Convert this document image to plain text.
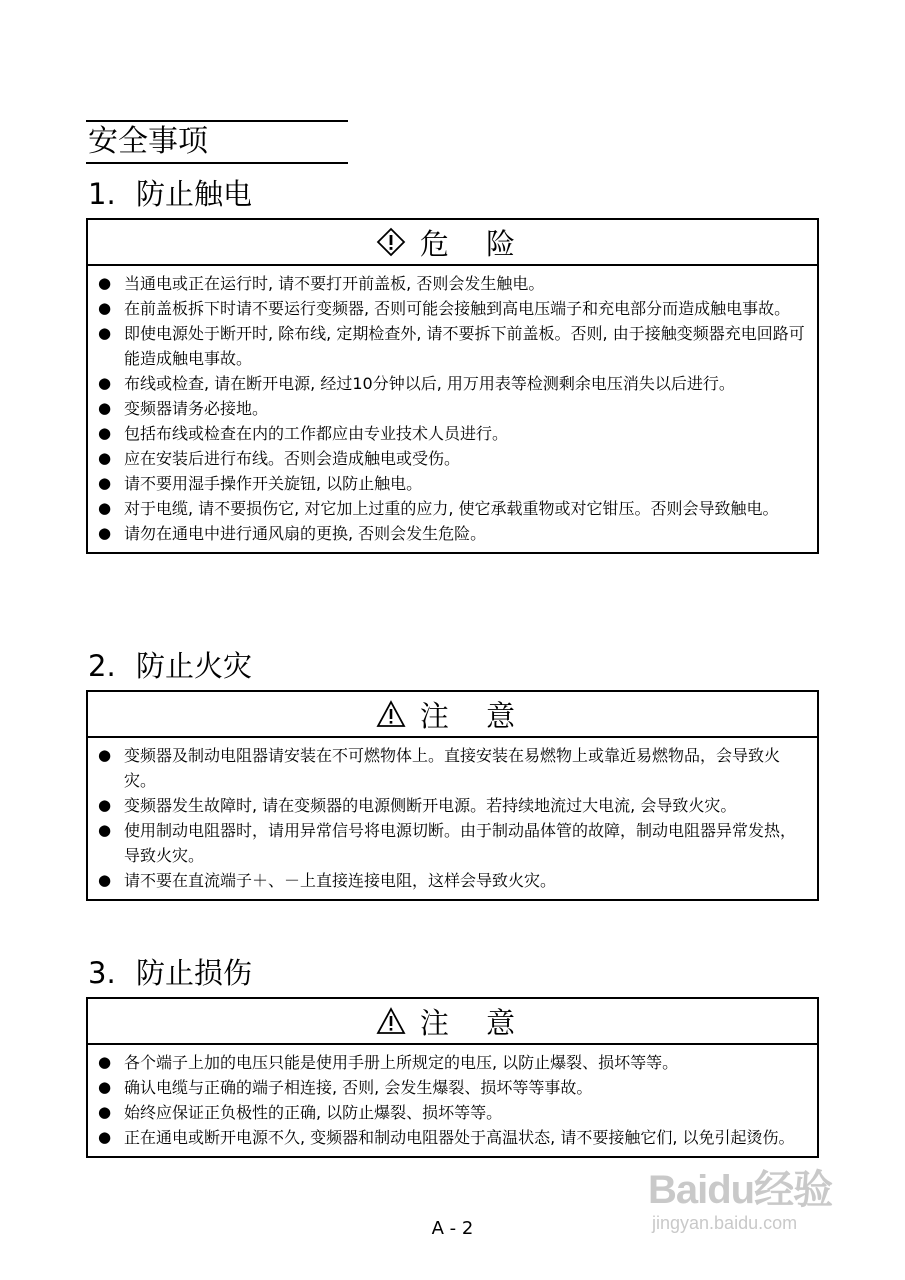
安全事项
1. 防止触电
危 险
● 当通电或正在运行时, 请不要打开前盖板, 否则会发生触电。
● 在前盖板拆下时请不要运行变频器, 否则可能会接触到高电压端子和充电部分而造成触电事故。
● 即使电源处于断开时, 除布线, 定期检查外, 请不要拆下前盖板。否则, 由于接触变频器充电回路可能造成触电事故。
● 布线或检查, 请在断开电源, 经过10分钟以后, 用万用表等检测剩余电压消失以后进行。
● 变频器请务必接地。
● 包括布线或检查在内的工作都应由专业技术人员进行。
● 应在安装后进行布线。否则会造成触电或受伤。
● 请不要用湿手操作开关旋钮, 以防止触电。
● 对于电缆, 请不要损伤它, 对它加上过重的应力, 使它承载重物或对它钳压。否则会导致触电。
● 请勿在通电中进行通风扇的更换, 否则会发生危险。
2. 防止火灾
注 意
● 变频器及制动电阻器请安装在不可燃物体上。直接安装在易燃物上或靠近易燃物品，会导致火灾。
● 变频器发生故障时, 请在变频器的电源侧断开电源。若持续地流过大电流, 会导致火灾。
● 使用制动电阻器时，请用异常信号将电源切断。由于制动晶体管的故障，制动电阻器异常发热，导致火灾。
● 请不要在直流端子＋、－上直接连接电阻，这样会导致火灾。
3. 防止损伤
注 意
● 各个端子上加的电压只能是使用手册上所规定的电压, 以防止爆裂、损坏等等。
● 确认电缆与正确的端子相连接, 否则, 会发生爆裂、损坏等等事故。
● 始终应保证正负极性的正确, 以防止爆裂、损坏等等。
● 正在通电或断开电源不久, 变频器和制动电阻器处于高温状态, 请不要接触它们, 以免引起烫伤。
Baidu经验
jingyan.baidu.com
A - 2
